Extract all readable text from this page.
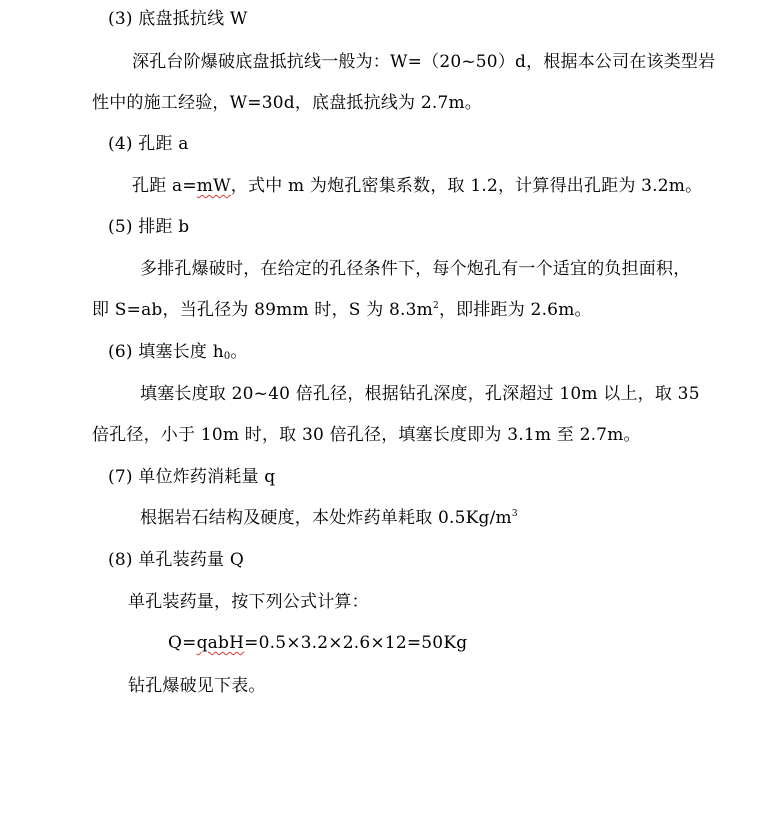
(3) 底盘抵抗线 W
深孔台阶爆破底盘抵抗线一般为：W=（20~50）d，根据本公司在该类型岩
性中的施工经验，W=30d，底盘抵抗线为 2.7m。
(4) 孔距 a
孔距 a=mW，式中 m 为炮孔密集系数，取 1.2，计算得出孔距为 3.2m。
(5) 排距 b
多排孔爆破时，在给定的孔径条件下，每个炮孔有一个适宜的负担面积，
即 S=ab，当孔径为 89mm 时，S 为 $8.3m^2$，即排距为 2.6m。
(6) 填塞长度 $h_0$。
填塞长度取 20~40 倍孔径，根据钻孔深度，孔深超过 10m 以上，取 35
倍孔径，小于 10m 时，取 30 倍孔径，填塞长度即为 3.1m 至 2.7m。
(7) 单位炸药消耗量 q
根据岩石结构及硬度，本处炸药单耗取 $0.5Kg/m^3$
(8) 单孔装药量 Q
单孔装药量，按下列公式计算：
Q=qabH=0.5×3.2×2.6×12=50Kg
钻孔爆破见下表。
